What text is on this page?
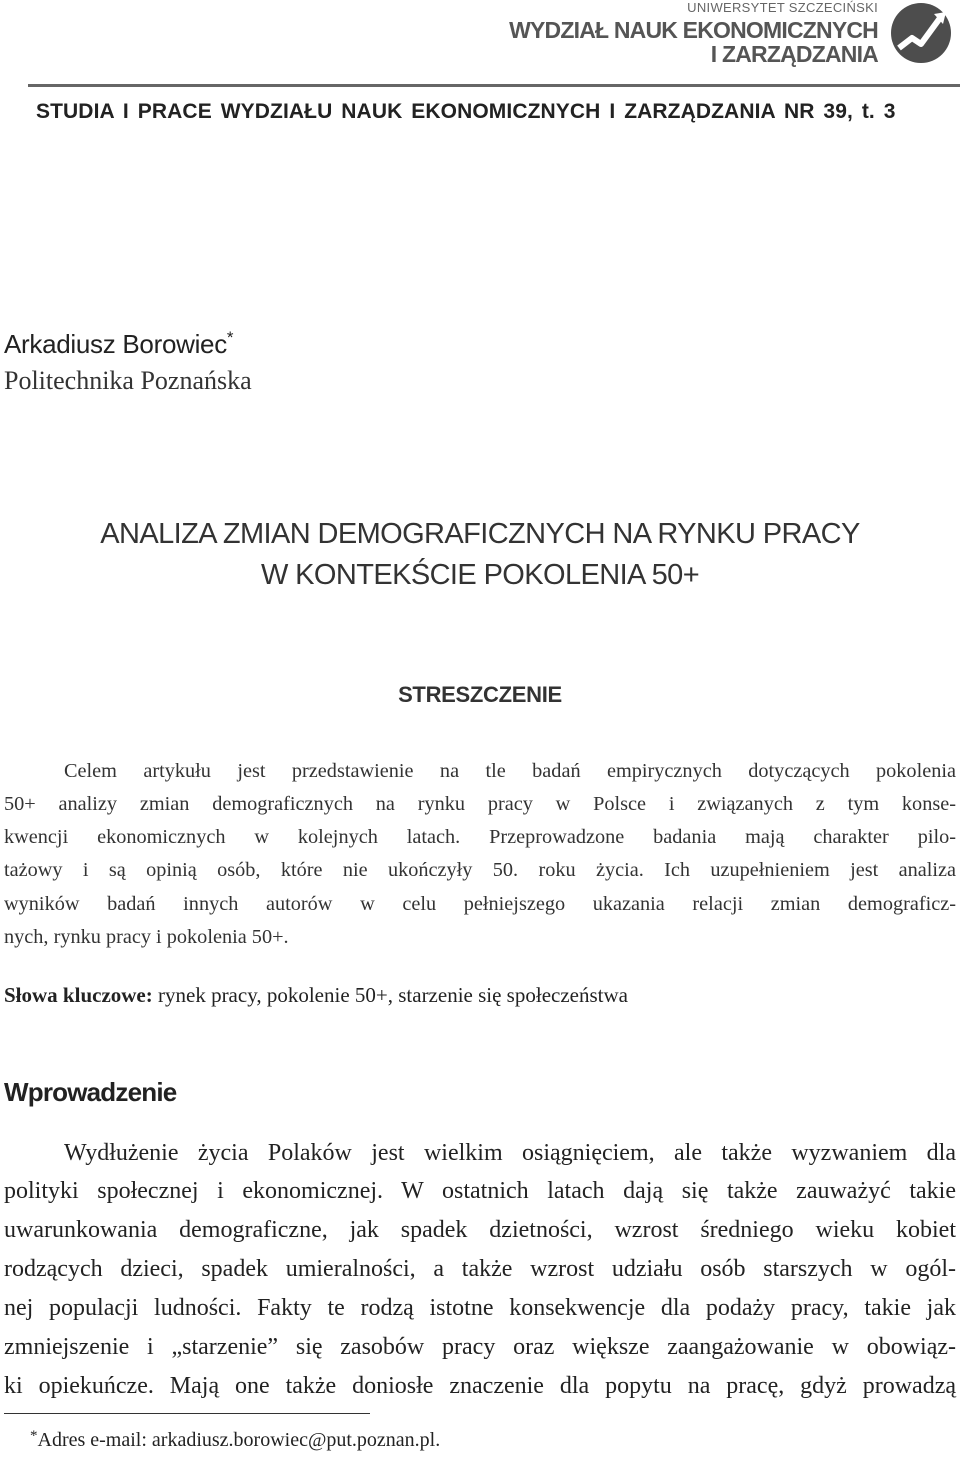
UNIWERSYTET SZCZECIŃSKI
WYDZIAŁ NAUK EKONOMICZNYCH
I ZARZĄDZANIA
STUDIA I PRACE WYDZIAŁU NAUK EKONOMICZNYCH I ZARZĄDZANIA NR 39, t. 3
Arkadiusz Borowiec*
Politechnika Poznańska
ANALIZA ZMIAN DEMOGRAFICZNYCH NA RYNKU PRACY
W KONTEKŚCIE POKOLENIA 50+
STRESZCZENIE
Celem artykułu jest przedstawienie na tle badań empirycznych dotyczących pokolenia
50+ analizy zmian demograficznych na rynku pracy w Polsce i związanych z tym konse-
kwencji ekonomicznych w kolejnych latach. Przeprowadzone badania mają charakter pilo-
tażowy i są opinią osób, które nie ukończyły 50. roku życia. Ich uzupełnieniem jest analiza
wyników badań innych autorów w celu pełniejszego ukazania relacji zmian demograficz-
nych, rynku pracy i pokolenia 50+.
Słowa kluczowe: rynek pracy, pokolenie 50+, starzenie się społeczeństwa
Wprowadzenie
Wydłużenie życia Polaków jest wielkim osiągnięciem, ale także wyzwaniem dla
polityki społecznej i ekonomicznej. W ostatnich latach dają się także zauważyć takie
uwarunkowania demograficzne, jak spadek dzietności, wzrost średniego wieku kobiet
rodzących dzieci, spadek umieralności, a także wzrost udziału osób starszych w ogól-
nej populacji ludności. Fakty te rodzą istotne konsekwencje dla podaży pracy, takie jak
zmniejszenie i „starzenie” się zasobów pracy oraz większe zaangażowanie w obowiąz-
ki opiekuńcze. Mają one także doniosłe znaczenie dla popytu na pracę, gdyż prowadzą
*Adres e-mail: arkadiusz.borowiec@put.poznan.pl.
